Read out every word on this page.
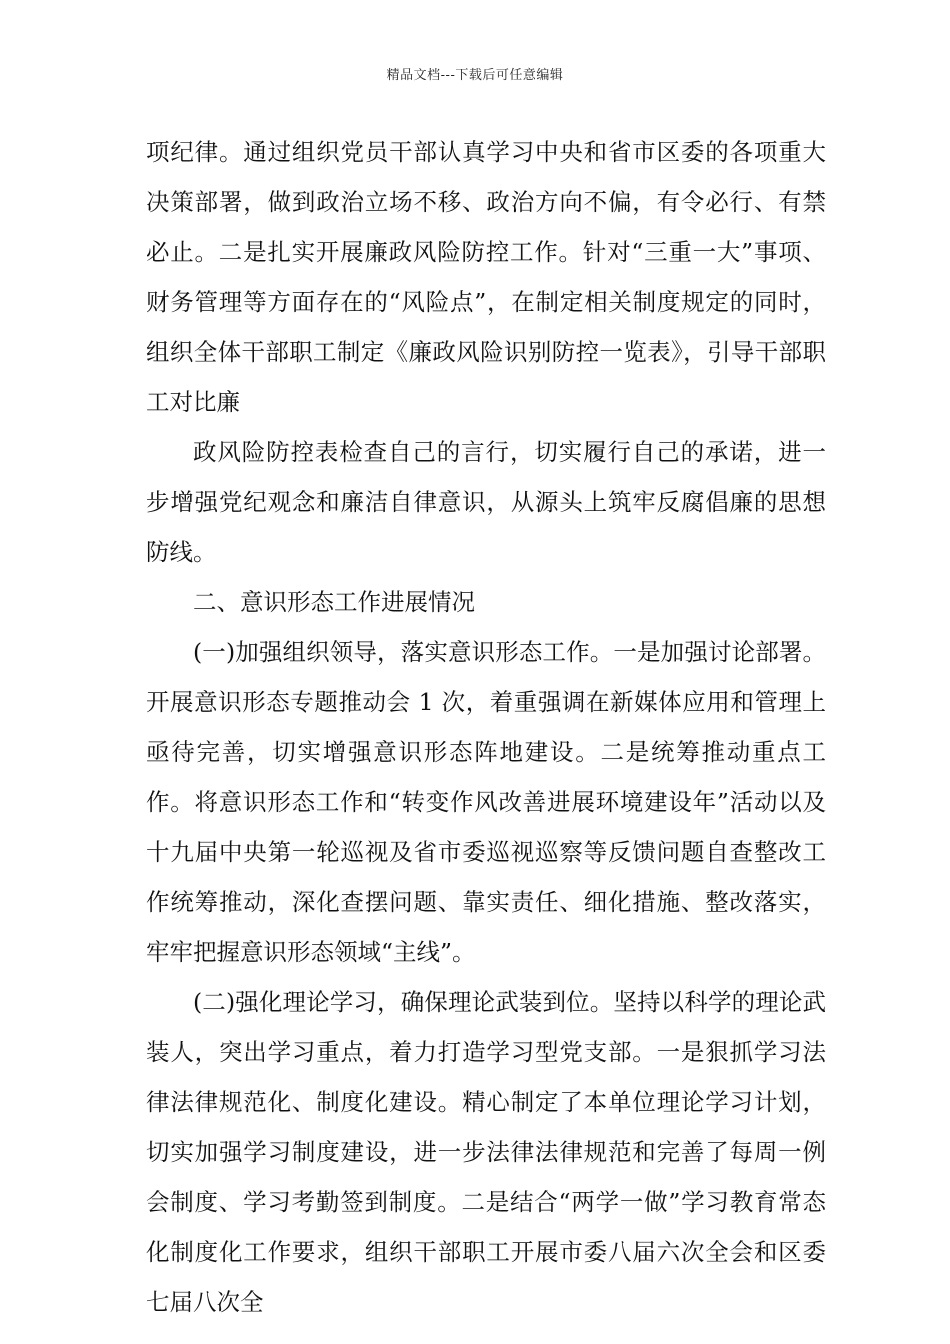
精品文档---下载后可任意编辑

项纪律。通过组织党员干部认真学习中央和省市区委的各项重大决策部署，做到政治立场不移、政治方向不偏，有令必行、有禁必止。二是扎实开展廉政风险防控工作。针对“三重一大”事项、财务管理等方面存在的“风险点”，在制定相关制度规定的同时，组织全体干部职工制定《廉政风险识别防控一览表》，引导干部职工对比廉

政风险防控表检查自己的言行，切实履行自己的承诺，进一步增强党纪观念和廉洁自律意识，从源头上筑牢反腐倡廉的思想防线。

二、意识形态工作进展情况

(一)加强组织领导，落实意识形态工作。一是加强讨论部署。开展意识形态专题推动会 1 次，着重强调在新媒体应用和管理上亟待完善，切实增强意识形态阵地建设。二是统筹推动重点工作。将意识形态工作和“转变作风改善进展环境建设年”活动以及十九届中央第一轮巡视及省市委巡视巡察等反馈问题自查整改工作统筹推动，深化查摆问题、靠实责任、细化措施、整改落实，牢牢把握意识形态领域“主线”。

(二)强化理论学习，确保理论武装到位。坚持以科学的理论武装人，突出学习重点，着力打造学习型党支部。一是狠抓学习法律法律规范化、制度化建设。精心制定了本单位理论学习计划，切实加强学习制度建设，进一步法律法律规范和完善了每周一例会制度、学习考勤签到制度。二是结合“两学一做”学习教育常态化制度化工作要求，组织干部职工开展市委八届六次全会和区委七届八次全
